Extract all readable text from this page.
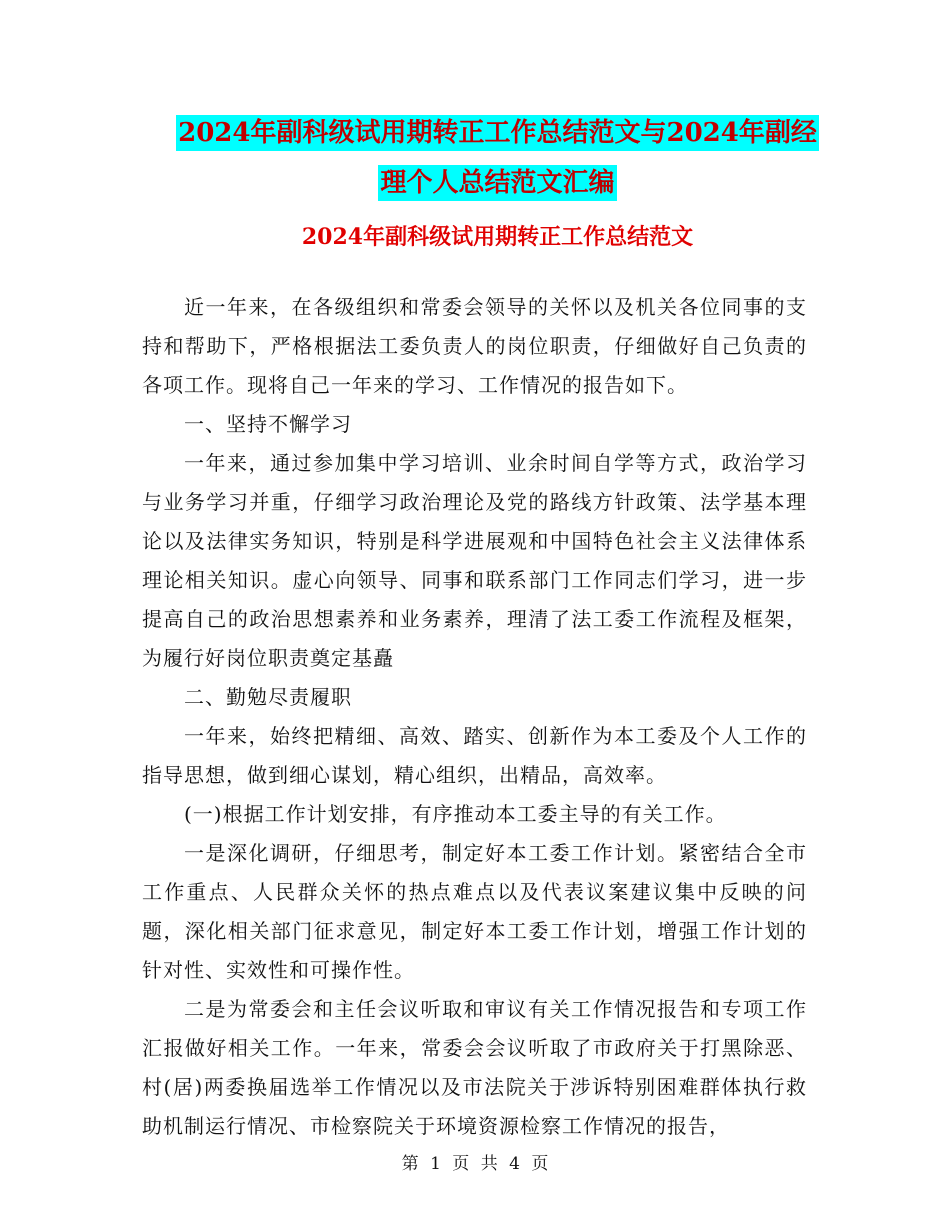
2024年副科级试用期转正工作总结范文与2024年副经
理个人总结范文汇编
2024年副科级试用期转正工作总结范文

近一年来，在各级组织和常委会领导的关怀以及机关各位同事的支持和帮助下，严格根据法工委负责人的岗位职责，仔细做好自己负责的各项工作。现将自己一年来的学习、工作情况的报告如下。

一、坚持不懈学习

一年来，通过参加集中学习培训、业余时间自学等方式，政治学习与业务学习并重，仔细学习政治理论及党的路线方针政策、法学基本理论以及法律实务知识，特别是科学进展观和中国特色社会主义法律体系理论相关知识。虚心向领导、同事和联系部门工作同志们学习，进一步提高自己的政治思想素养和业务素养，理清了法工委工作流程及框架，为履行好岗位职责奠定基矗

二、勤勉尽责履职

一年来，始终把精细、高效、踏实、创新作为本工委及个人工作的指导思想，做到细心谋划，精心组织，出精品，高效率。

(一)根据工作计划安排，有序推动本工委主导的有关工作。

一是深化调研，仔细思考，制定好本工委工作计划。紧密结合全市工作重点、人民群众关怀的热点难点以及代表议案建议集中反映的问题，深化相关部门征求意见，制定好本工委工作计划，增强工作计划的针对性、实效性和可操作性。

二是为常委会和主任会议听取和审议有关工作情况报告和专项工作汇报做好相关工作。一年来，常委会会议听取了市政府关于打黑除恶、村(居)两委换届选举工作情况以及市法院关于涉诉特别困难群体执行救助机制运行情况、市检察院关于环境资源检察工作情况的报告，

第 1 页 共 4 页
